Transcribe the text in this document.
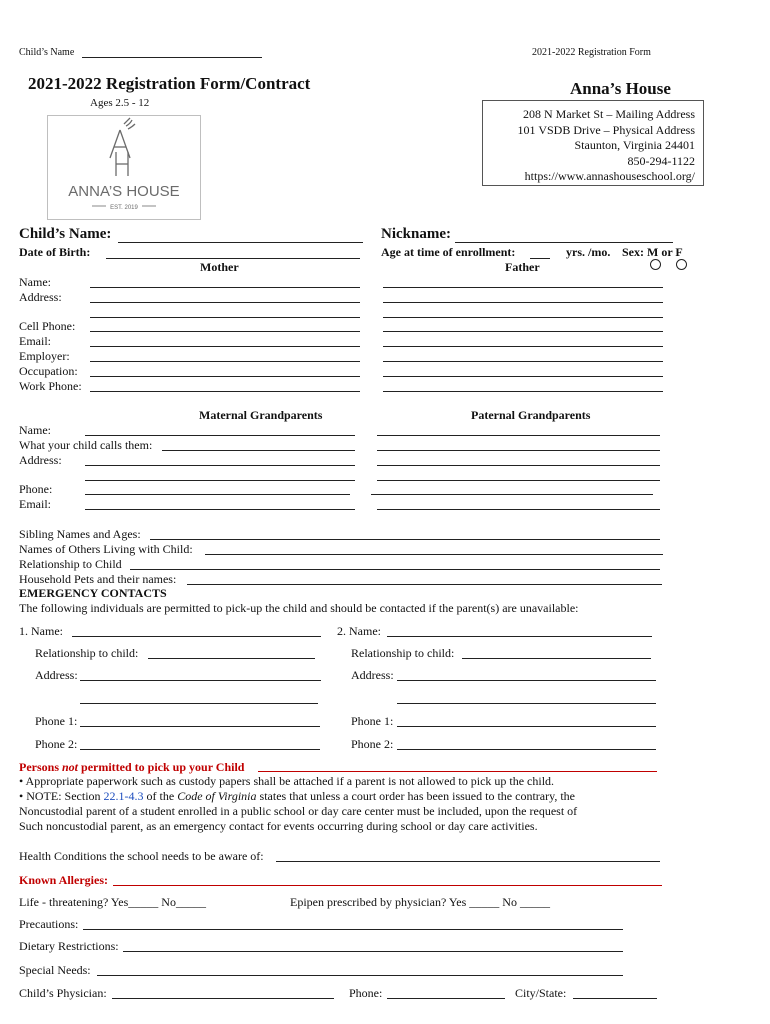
Child’s Name	2021-2022 Registration Form
2021-2022 Registration Form/Contract
Ages 2.5 - 12
Anna’s House
ANNA’S HOUSE
EST. 2019
208 N Market St – Mailing Address
101 VSDB Drive – Physical Address
Staunton, Virginia 24401
850-294-1122
https://www.annashouseschool.org/
Child’s Name:	Nickname:
Date of Birth:	Age at time of enrollment:	yrs. /mo. Sex: M or F
Mother	Father
Name:
Address:
Cell Phone:
Email:
Employer:
Occupation:
Work Phone:
Maternal Grandparents	Paternal Grandparents
Name:
What your child calls them:
Address:
Phone:
Email:
Sibling Names and Ages:
Names of Others Living with Child:
Relationship to Child
Household Pets and their names:
EMERGENCY CONTACTS
The following individuals are permitted to pick-up the child and should be contacted if the parent(s) are unavailable:
1. Name:	2. Name:
Relationship to child:	Relationship to child:
Address:	Address:
Phone 1:	Phone 1:
Phone 2:	Phone 2:
Persons not permitted to pick up your Child
• Appropriate paperwork such as custody papers shall be attached if a parent is not allowed to pick up the child.
• NOTE: Section 22.1-4.3 of the Code of Virginia states that unless a court order has been issued to the contrary, the
Noncustodial parent of a student enrolled in a public school or day care center must be included, upon the request of
Such noncustodial parent, as an emergency contact for events occurring during school or day care activities.
Health Conditions the school needs to be aware of:
Known Allergies:
Life - threatening? Yes_____ No_____	Epipen prescribed by physician? Yes _____ No _____
Precautions:
Dietary Restrictions:
Special Needs:
Child’s Physician:	Phone:	City/State:
